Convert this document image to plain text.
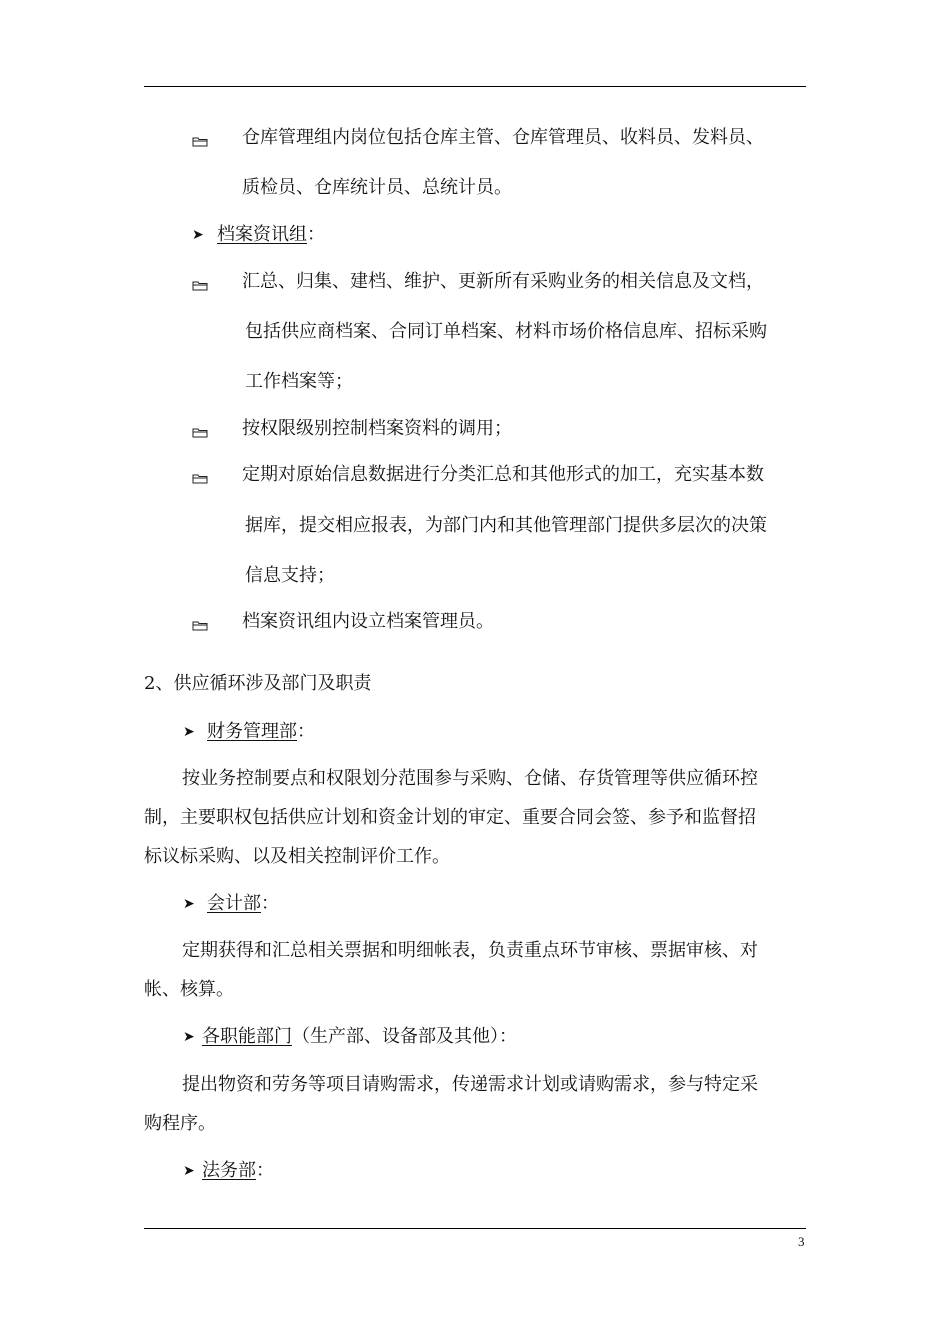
仓库管理组内岗位包括仓库主管、仓库管理员、收料员、发料员、
质检员、仓库统计员、总统计员。
➤ 档案资讯组：
汇总、归集、建档、维护、更新所有采购业务的相关信息及文档，
包括供应商档案、合同订单档案、材料市场价格信息库、招标采购
工作档案等；
按权限级别控制档案资料的调用；
定期对原始信息数据进行分类汇总和其他形式的加工，充实基本数
据库，提交相应报表，为部门内和其他管理部门提供多层次的决策
信息支持；
档案资讯组内设立档案管理员。
2、供应循环涉及部门及职责
➤ 财务管理部：
按业务控制要点和权限划分范围参与采购、仓储、存货管理等供应循环控
制，主要职权包括供应计划和资金计划的审定、重要合同会签、参予和监督招
标议标采购、以及相关控制评价工作。
➤ 会计部：
定期获得和汇总相关票据和明细帐表，负责重点环节审核、票据审核、对
帐、核算。
➤ 各职能部门（生产部、设备部及其他）：
提出物资和劳务等项目请购需求，传递需求计划或请购需求，参与特定采
购程序。
➤ 法务部：
3
